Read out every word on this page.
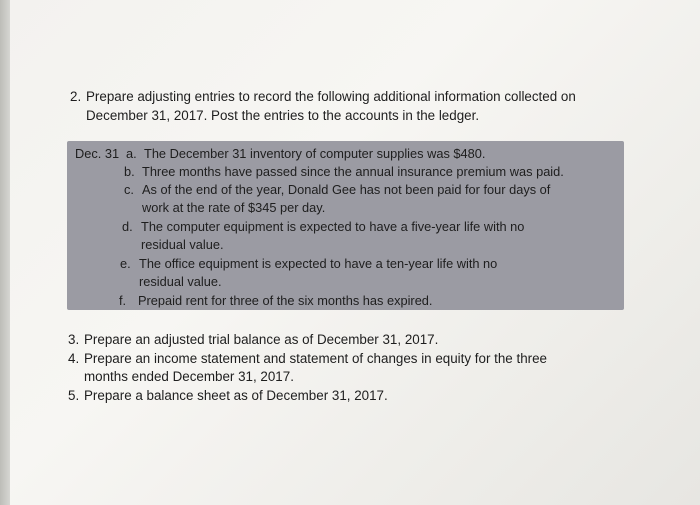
2. Prepare adjusting entries to record the following additional information collected on
December 31, 2017. Post the entries to the accounts in the ledger.
Dec. 31 a. The December 31 inventory of computer supplies was $480.
b. Three months have passed since the annual insurance premium was paid.
c. As of the end of the year, Donald Gee has not been paid for four days of
work at the rate of $345 per day.
d. The computer equipment is expected to have a five-year life with no
residual value.
e. The office equipment is expected to have a ten-year life with no
residual value.
f. Prepaid rent for three of the six months has expired.
3. Prepare an adjusted trial balance as of December 31, 2017.
4. Prepare an income statement and statement of changes in equity for the three
months ended December 31, 2017.
5. Prepare a balance sheet as of December 31, 2017.
